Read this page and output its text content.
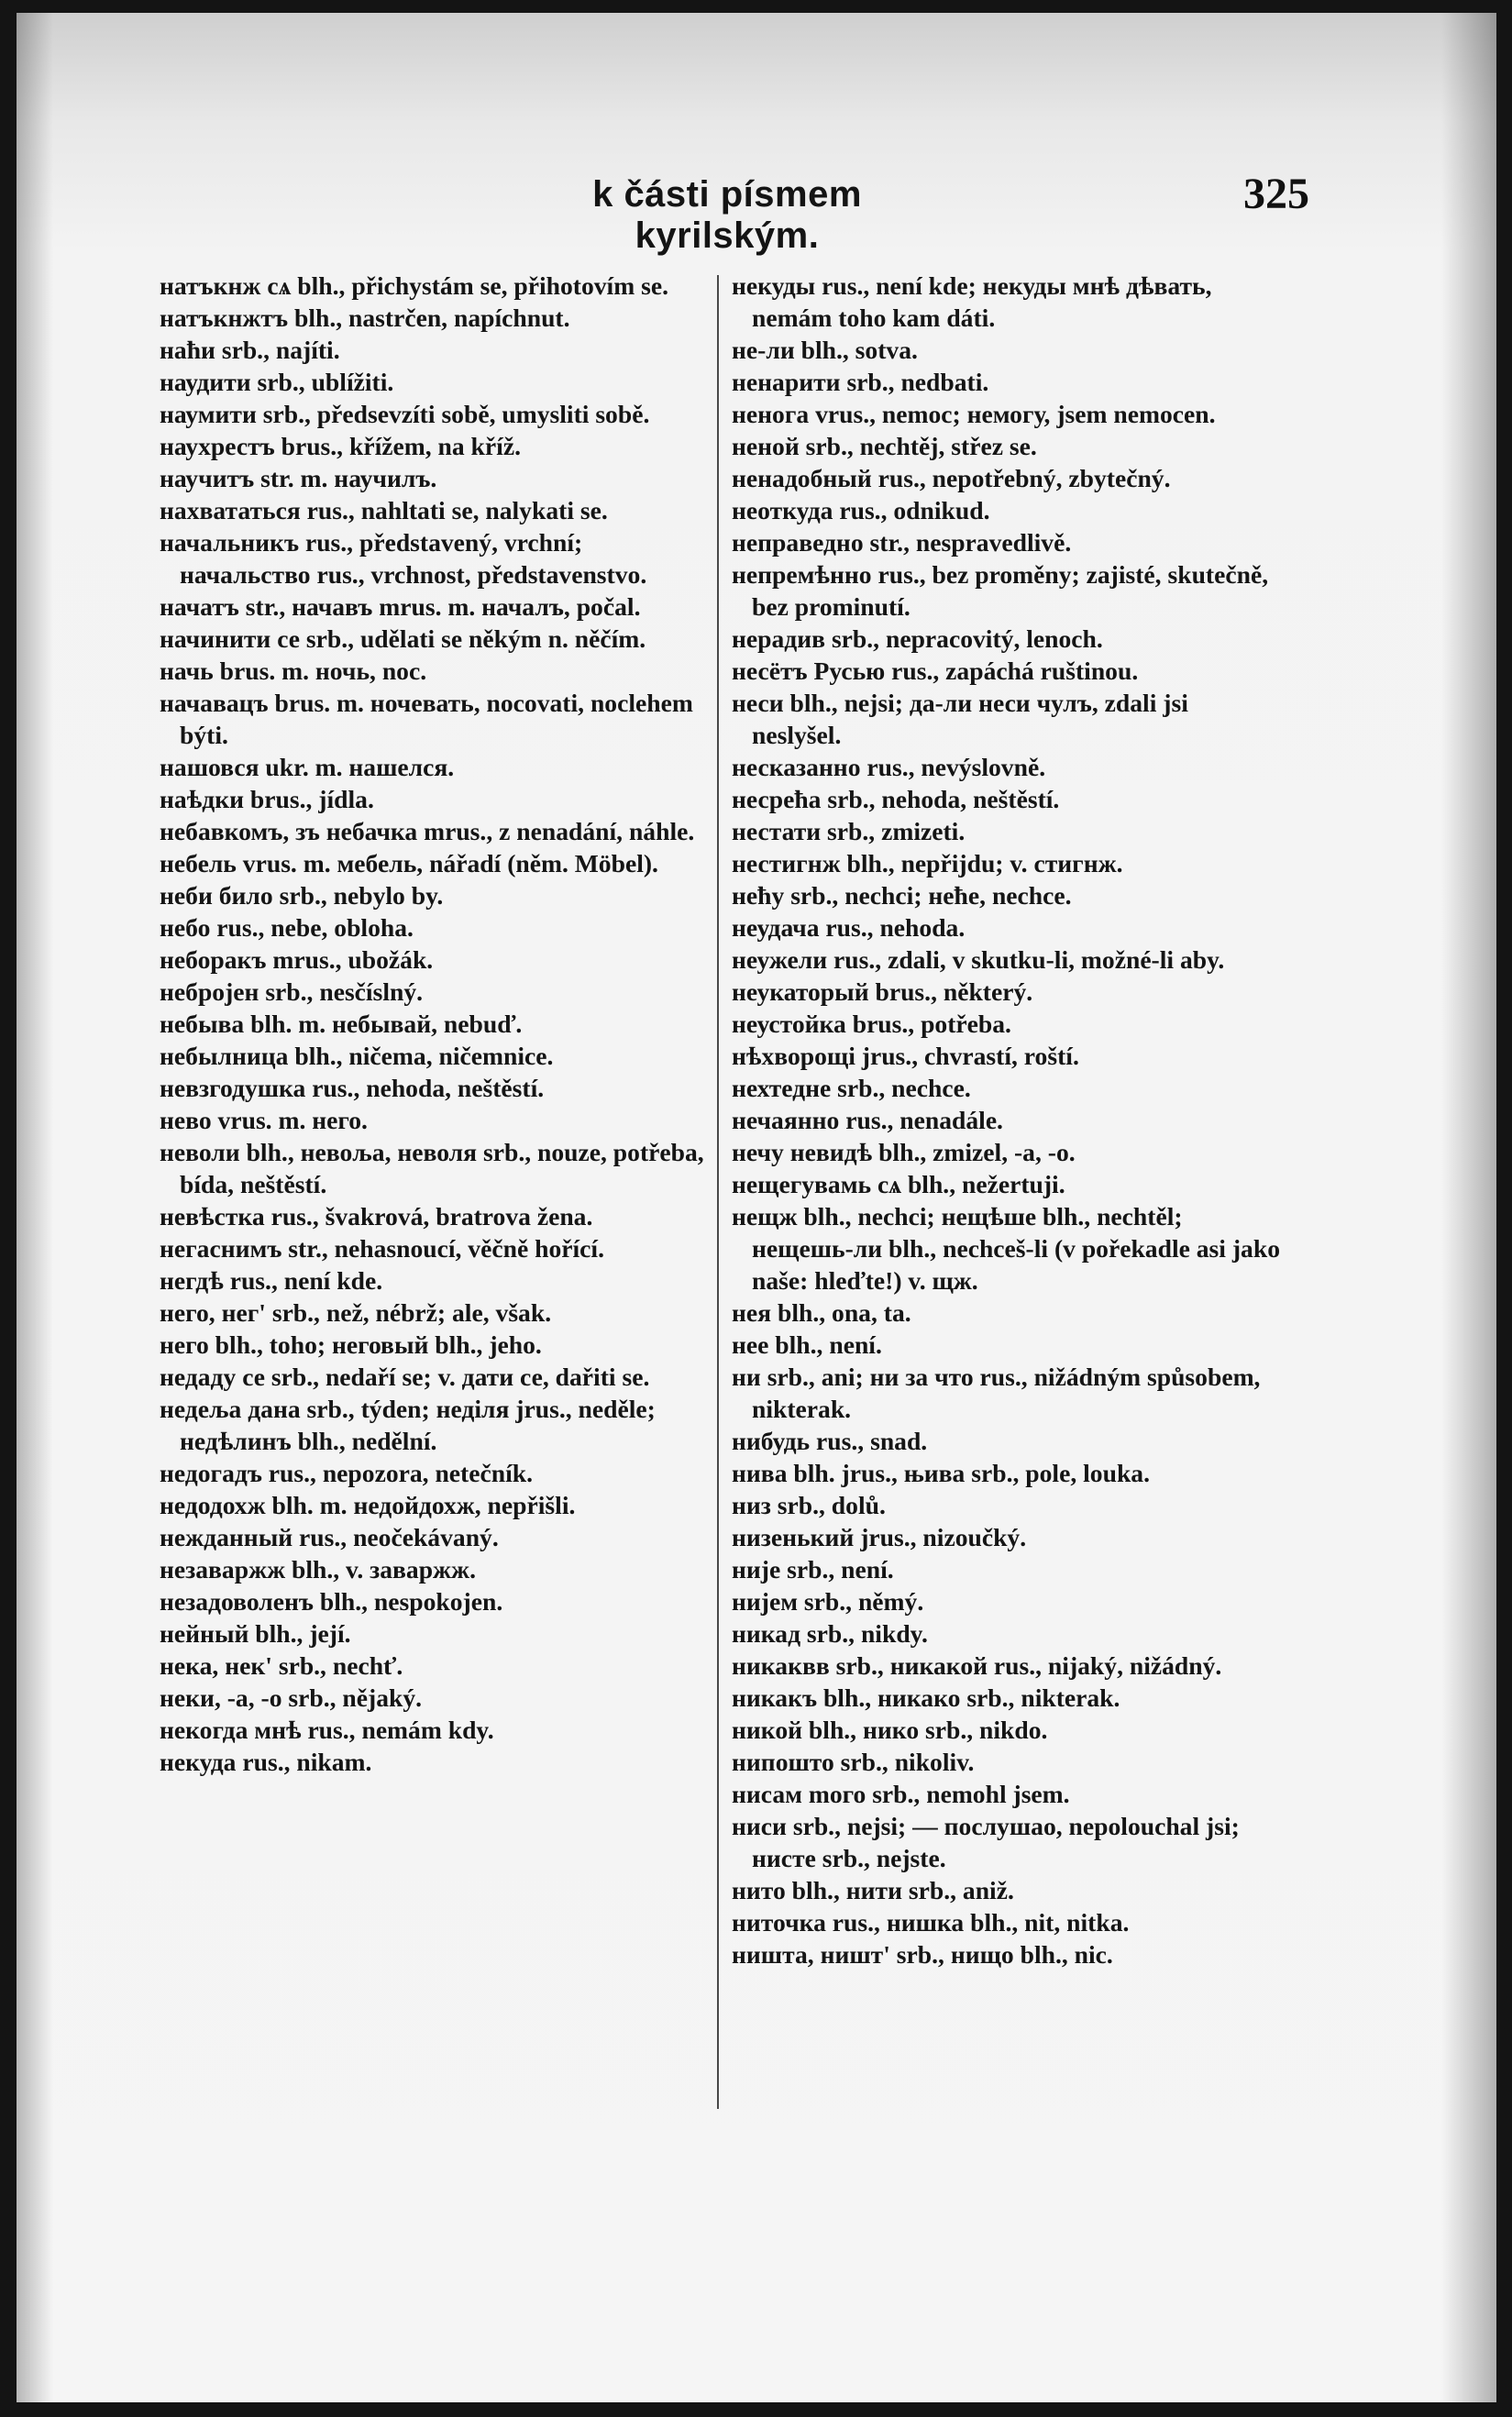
k části písmem kyrilským.
325
натъкнж сѧ blh., přichystám se, přihotovím se.
натъкнжтъ blh., nastrčen, napíchnut.
наћи srb., najíti.
наудити srb., ublížiti.
наумити srb., předsevzíti sobě, umysliti sobě.
наухрестъ brus., křížem, na kříž.
научитъ str. m. научилъ.
нахвататься rus., nahltati se, nalykati se.
начальникъ rus., představený, vrchní; начальство rus., vrchnost, představenstvo.
начатъ str., начавъ mrus. m. началъ, počal.
начинити се srb., udělati se někým n. něčím.
начь brus. m. ночь, noc.
начавацъ brus. m. ночевать, nocovati, noclehem býti.
нашовся ukr. m. нашелся.
наѣдки brus., jídla.
небавкомъ, зъ небачка mrus., z nenadání, náhle.
небель vrus. m. мебель, nářadí (něm. Möbel).
неби било srb., nebylo by.
небо rus., nebe, obloha.
неборакъ mrus., ubožák.
неброjен srb., nesčíslný.
небыва blh. m. небывай, nebuď.
небылница blh., ničema, ničemnice.
невзгодушка rus., nehoda, neštěstí.
нево vrus. m. него.
неволи blh., невоља, неволя srb., nouze, potřeba, bída, neštěstí.
невѣстка rus., švakrová, bratrova žena.
негаснимъ str., nehasnoucí, věčně hořící.
негдѣ rus., není kde.
него, нег' srb., než, nébrž; ale, však.
него blh., toho; неговый blh., jeho.
недаду се srb., nedaří se; v. дати се, dařiti se.
недеља дана srb., týden; неділя jrus., neděle; недѣлинъ blh., nedělní.
недогадъ rus., nepozora, netečník.
недодохж blh. m. недойдохж, nepřišli.
нежданный rus., neočekávaný.
незаваржж blh., v. заваржж.
незадоволенъ blh., nespokojen.
нейный blh., její.
нека, нек' srb., nechť.
неки, -а, -о srb., nějaký.
некогда мнѣ rus., nemám kdy.
некуда rus., nikam.
некуды rus., není kde; некуды мнѣ дѣвать, nemám toho kam dáti.
не-ли blh., sotva.
ненарити srb., nedbati.
ненога vrus., nemoc; немогу, jsem nemocen.
неной srb., nechtěj, střez se.
ненадобный rus., nepotřebný, zbytečný.
неоткуда rus., odnikud.
неправедно str., nespravedlivě.
непремѣнно rus., bez proměny; zajisté, skutečně, bez prominutí.
нерадив srb., nepracovitý, lenoch.
несётъ Русью rus., zapáchá ruštinou.
неси blh., nejsi; да-ли неси чулъ, zdali jsi neslyšel.
несказанно rus., nevýslovně.
несрећа srb., nehoda, neštěstí.
нестати srb., zmizeti.
нестигнж blh., nepřijdu; v. стигнж.
нећу srb., nechci; неће, nechce.
неудача rus., nehoda.
неужели rus., zdali, v skutku-li, možné-li aby.
неукаторый brus., některý.
неустойка brus., potřeba.
нѣхворощі jrus., chvrastí, roští.
нехтедне srb., nechce.
нечаянно rus., nenadále.
нечу невидѣ blh., zmizel, -a, -o.
нещегувамь сѧ blh., nežertuji.
нещж blh., nechci; нещѣше blh., nechtěl; нещешь-ли blh., nechceš-li (v pořekadle asi jako naše: hleďte!) v. щж.
нея blh., ona, ta.
нее blh., není.
ни srb., ani; ни за что rus., nižádným spůsobem, nikterak.
нибудь rus., snad.
нива blh. jrus., њива srb., pole, louka.
низ srb., dolů.
низенький jrus., nizoučký.
није srb., není.
нијем srb., němý.
никад srb., nikdy.
никаквв srb., никакой rus., nijaký, nižádný.
никакъ blh., никако srb., nikterak.
никой blh., нико srb., nikdo.
нипошто srb., nikoliv.
нисам mого srb., nemohl jsem.
ниси srb., nejsi; — послушао, nepolouchal jsi; нисте srb., nejste.
нито blh., нити srb., aniž.
ниточка rus., нишка blh., nit, nitka.
ништа, ништ' srb., нищо blh., nic.
